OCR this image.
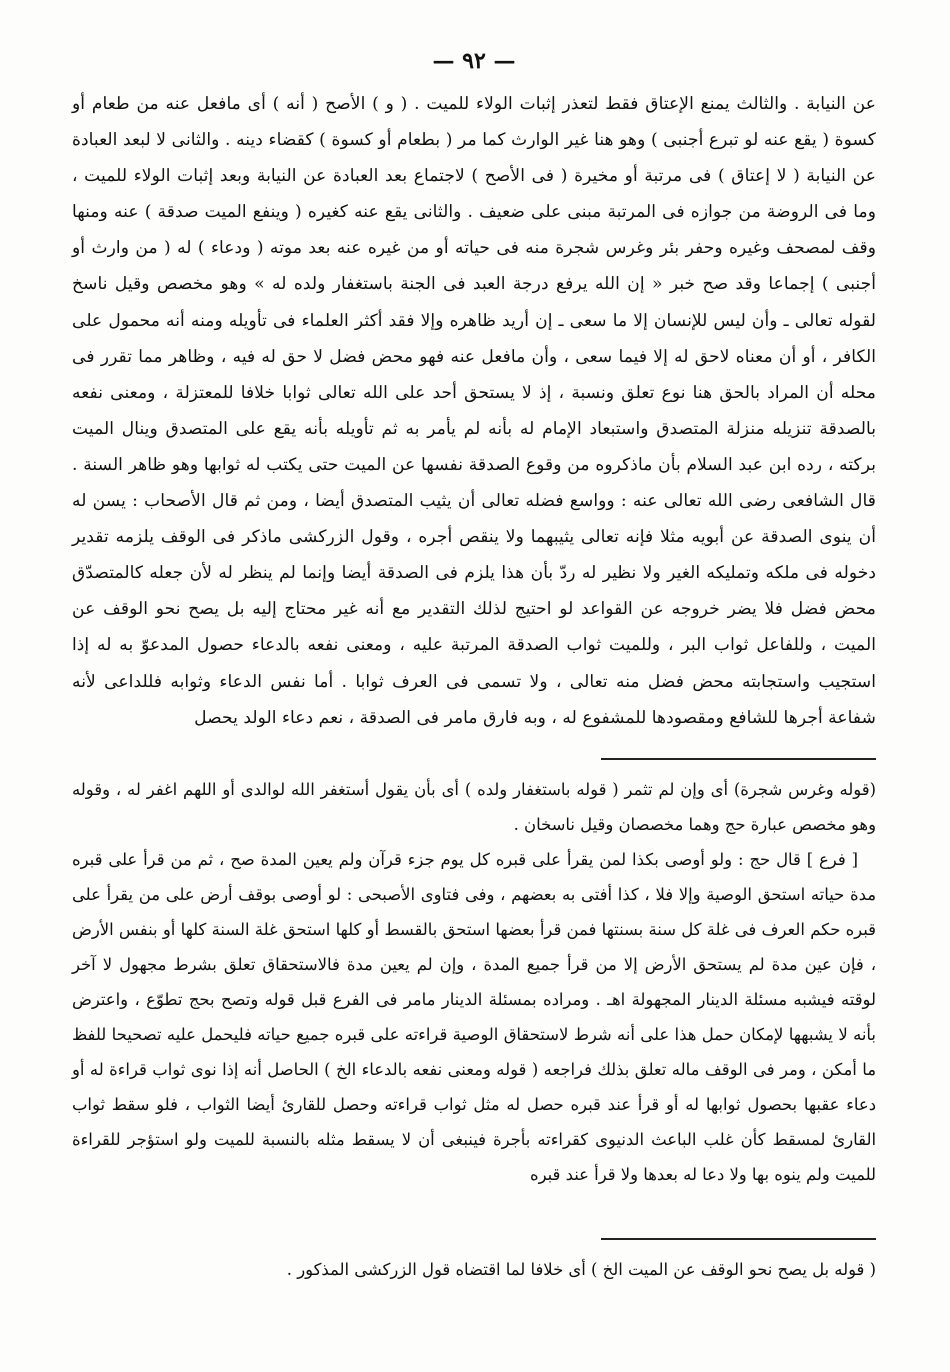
— ٩٢ —

عن النيابة . والثالث يمنع الإعتاق فقط لتعذر إثبات الولاء للميت . ( و ) الأصح ( أنه ) أى مافعل عنه من طعام أو كسوة ( يقع عنه لو تبرع أجنبى ) وهو هنا غير الوارث كما مر ( بطعام أو كسوة ) كقضاء دينه . والثانى لا لبعد العبادة عن النيابة ( لا إعتاق ) فى مرتبة أو مخيرة ( فى الأصح ) لاجتماع بعد العبادة عن النيابة وبعد إثبات الولاء للميت ، وما فى الروضة من جوازه فى المرتبة مبنى على ضعيف . والثانى يقع عنه كغيره ( وينفع الميت صدقة ) عنه ومنها وقف لمصحف وغيره وحفر بئر وغرس شجرة منه فى حياته أو من غيره عنه بعد موته ( ودعاء ) له ( من وارث أو أجنبى ) إجماعا وقد صح خبر « إن الله يرفع درجة العبد فى الجنة باستغفار ولده له » وهو مخصص وقيل ناسخ لقوله تعالى ـ وأن ليس للإنسان إلا ما سعى ـ إن أريد ظاهره وإلا فقد أكثر العلماء فى تأويله ومنه أنه محمول على الكافر ، أو أن معناه لاحق له إلا فيما سعى ، وأن مافعل عنه فهو محض فضل لا حق له فيه ، وظاهر مما تقرر فى محله أن المراد بالحق هنا نوع تعلق ونسبة ، إذ لا يستحق أحد على الله تعالى ثوابا خلافا للمعتزلة ، ومعنى نفعه بالصدقة تنزيله منزلة المتصدق واستبعاد الإمام له بأنه لم يأمر به ثم تأويله بأنه يقع على المتصدق وينال الميت بركته ، رده ابن عبد السلام بأن ماذكروه من وقوع الصدقة نفسها عن الميت حتى يكتب له ثوابها وهو ظاهر السنة . قال الشافعى رضى الله تعالى عنه : وواسع فضله تعالى أن يثيب المتصدق أيضا ، ومن ثم قال الأصحاب : يسن له أن ينوى الصدقة عن أبويه مثلا فإنه تعالى يثيبهما ولا ينقص أجره ، وقول الزركشى ماذكر فى الوقف يلزمه تقدير دخوله فى ملكه وتمليكه الغير ولا نظير له ردّ بأن هذا يلزم فى الصدقة أيضا وإنما لم ينظر له لأن جعله كالمتصدّق محض فضل فلا يضر خروجه عن القواعد لو احتيج لذلك التقدير مع أنه غير محتاج إليه بل يصح نحو الوقف عن الميت ، وللفاعل ثواب البر ، وللميت ثواب الصدقة المرتبة عليه ، ومعنى نفعه بالدعاء حصول المدعوّ به له إذا استجيب واستجابته محض فضل منه تعالى ، ولا تسمى فى العرف ثوابا . أما نفس الدعاء وثوابه فللداعى لأنه شفاعة أجرها للشافع ومقصودها للمشفوع له ، وبه فارق مامر فى الصدقة ، نعم دعاء الولد يحصل

(قوله وغرس شجرة) أى وإن لم تثمر ( قوله باستغفار ولده ) أى بأن يقول أستغفر الله لوالدى أو اللهم اغفر له ، وقوله وهو مخصص عبارة حج وهما مخصصان وقيل ناسخان .

[ فرع ] قال حج : ولو أوصى بكذا لمن يقرأ على قبره كل يوم جزء قرآن ولم يعين المدة صح ، ثم من قرأ على قبره مدة حياته استحق الوصية وإلا فلا ، كذا أفتى به بعضهم ، وفى فتاوى الأصبحى : لو أوصى بوقف أرض على من يقرأ على قبره حكم العرف فى غلة كل سنة بسنتها فمن قرأ بعضها استحق بالقسط أو كلها استحق غلة السنة كلها أو بنفس الأرض ، فإن عين مدة لم يستحق الأرض إلا من قرأ جميع المدة ، وإن لم يعين مدة فالاستحقاق تعلق بشرط مجهول لا آخر لوقته فيشبه مسئلة الدينار المجهولة اهـ . ومراده بمسئلة الدينار مامر فى الفرع قبل قوله وتصح بحج تطوّع ، واعترض بأنه لا يشبهها لإمكان حمل هذا على أنه شرط لاستحقاق الوصية قراءته على قبره جميع حياته فليحمل عليه تصحيحا للفظ ما أمكن ، ومر فى الوقف ماله تعلق بذلك فراجعه ( قوله ومعنى نفعه بالدعاء الخ ) الحاصل أنه إذا نوى ثواب قراءة له أو دعاء عقبها بحصول ثوابها له أو قرأ عند قبره حصل له مثل ثواب قراءته وحصل للقارئ أيضا الثواب ، فلو سقط ثواب القارئ لمسقط كأن غلب الباعث الدنيوى كقراءته بأجرة فينبغى أن لا يسقط مثله بالنسبة للميت ولو استؤجر للقراءة للميت ولم ينوه بها ولا دعا له بعدها ولا قرأ عند قبره

( قوله بل يصح نحو الوقف عن الميت الخ ) أى خلافا لما اقتضاه قول الزركشى المذكور .
